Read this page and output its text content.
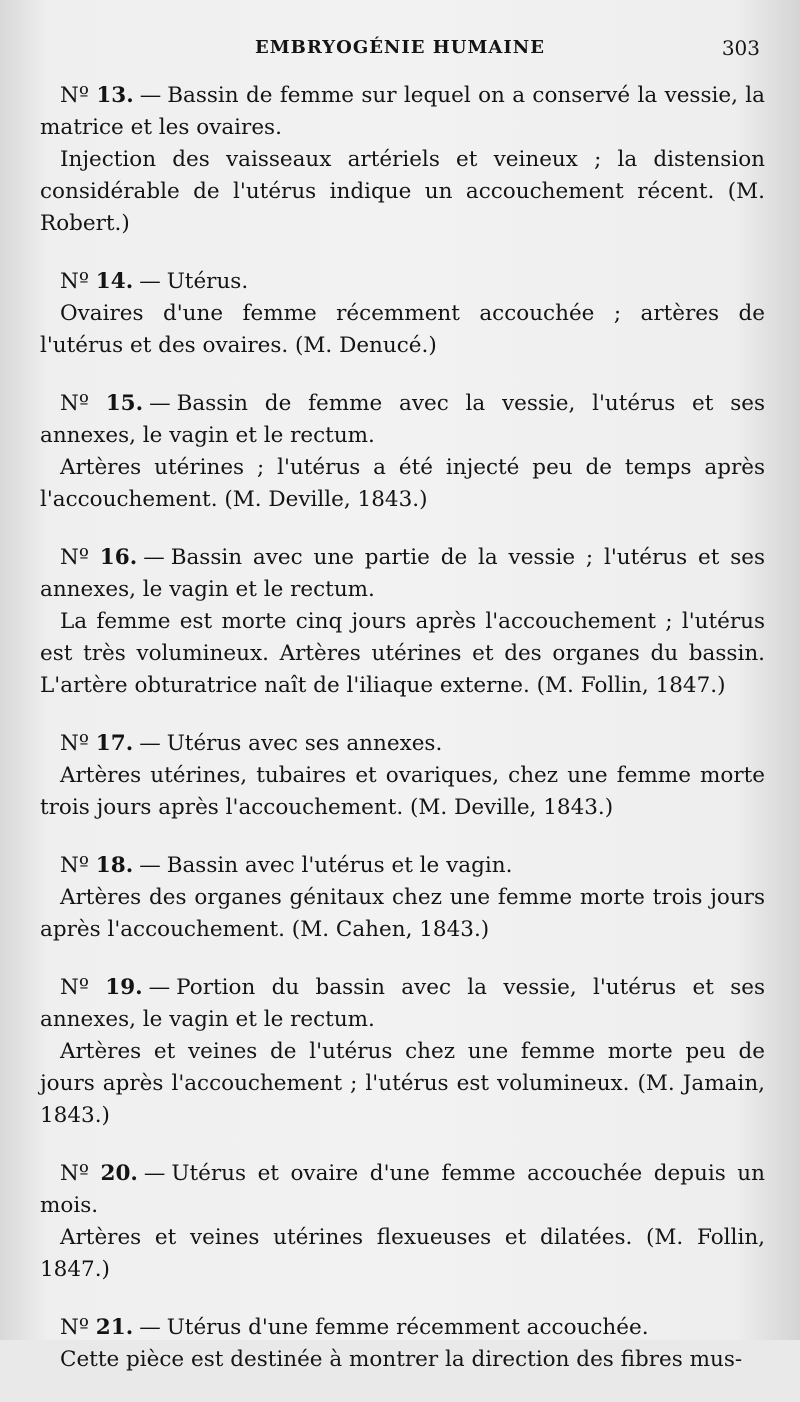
EMBRYOGÉNIE HUMAINE	303

Nº 13. — Bassin de femme sur lequel on a conservé la vessie, la matrice et les ovaires.

Injection des vaisseaux artériels et veineux ; la distension considérable de l'utérus indique un accouchement récent. (M. Robert.)

Nº 14. — Utérus.

Ovaires d'une femme récemment accouchée ; artères de l'utérus et des ovaires. (M. Denucé.)

Nº 15. — Bassin de femme avec la vessie, l'utérus et ses annexes, le vagin et le rectum.

Artères utérines ; l'utérus a été injecté peu de temps après l'accouchement. (M. Deville, 1843.)

Nº 16. — Bassin avec une partie de la vessie ; l'utérus et ses annexes, le vagin et le rectum.

La femme est morte cinq jours après l'accouchement ; l'utérus est très volumineux. Artères utérines et des organes du bassin. L'artère obturatrice naît de l'iliaque externe. (M. Follin, 1847.)

Nº 17. — Utérus avec ses annexes.

Artères utérines, tubaires et ovariques, chez une femme morte trois jours après l'accouchement. (M. Deville, 1843.)

Nº 18. — Bassin avec l'utérus et le vagin.

Artères des organes génitaux chez une femme morte trois jours après l'accouchement. (M. Cahen, 1843.)

Nº 19. — Portion du bassin avec la vessie, l'utérus et ses annexes, le vagin et le rectum.

Artères et veines de l'utérus chez une femme morte peu de jours après l'accouchement ; l'utérus est volumineux. (M. Jamain, 1843.)

Nº 20. — Utérus et ovaire d'une femme accouchée depuis un mois.

Artères et veines utérines flexueuses et dilatées. (M. Follin, 1847.)

Nº 21. — Utérus d'une femme récemment accouchée.

Cette pièce est destinée à montrer la direction des fibres mus-
